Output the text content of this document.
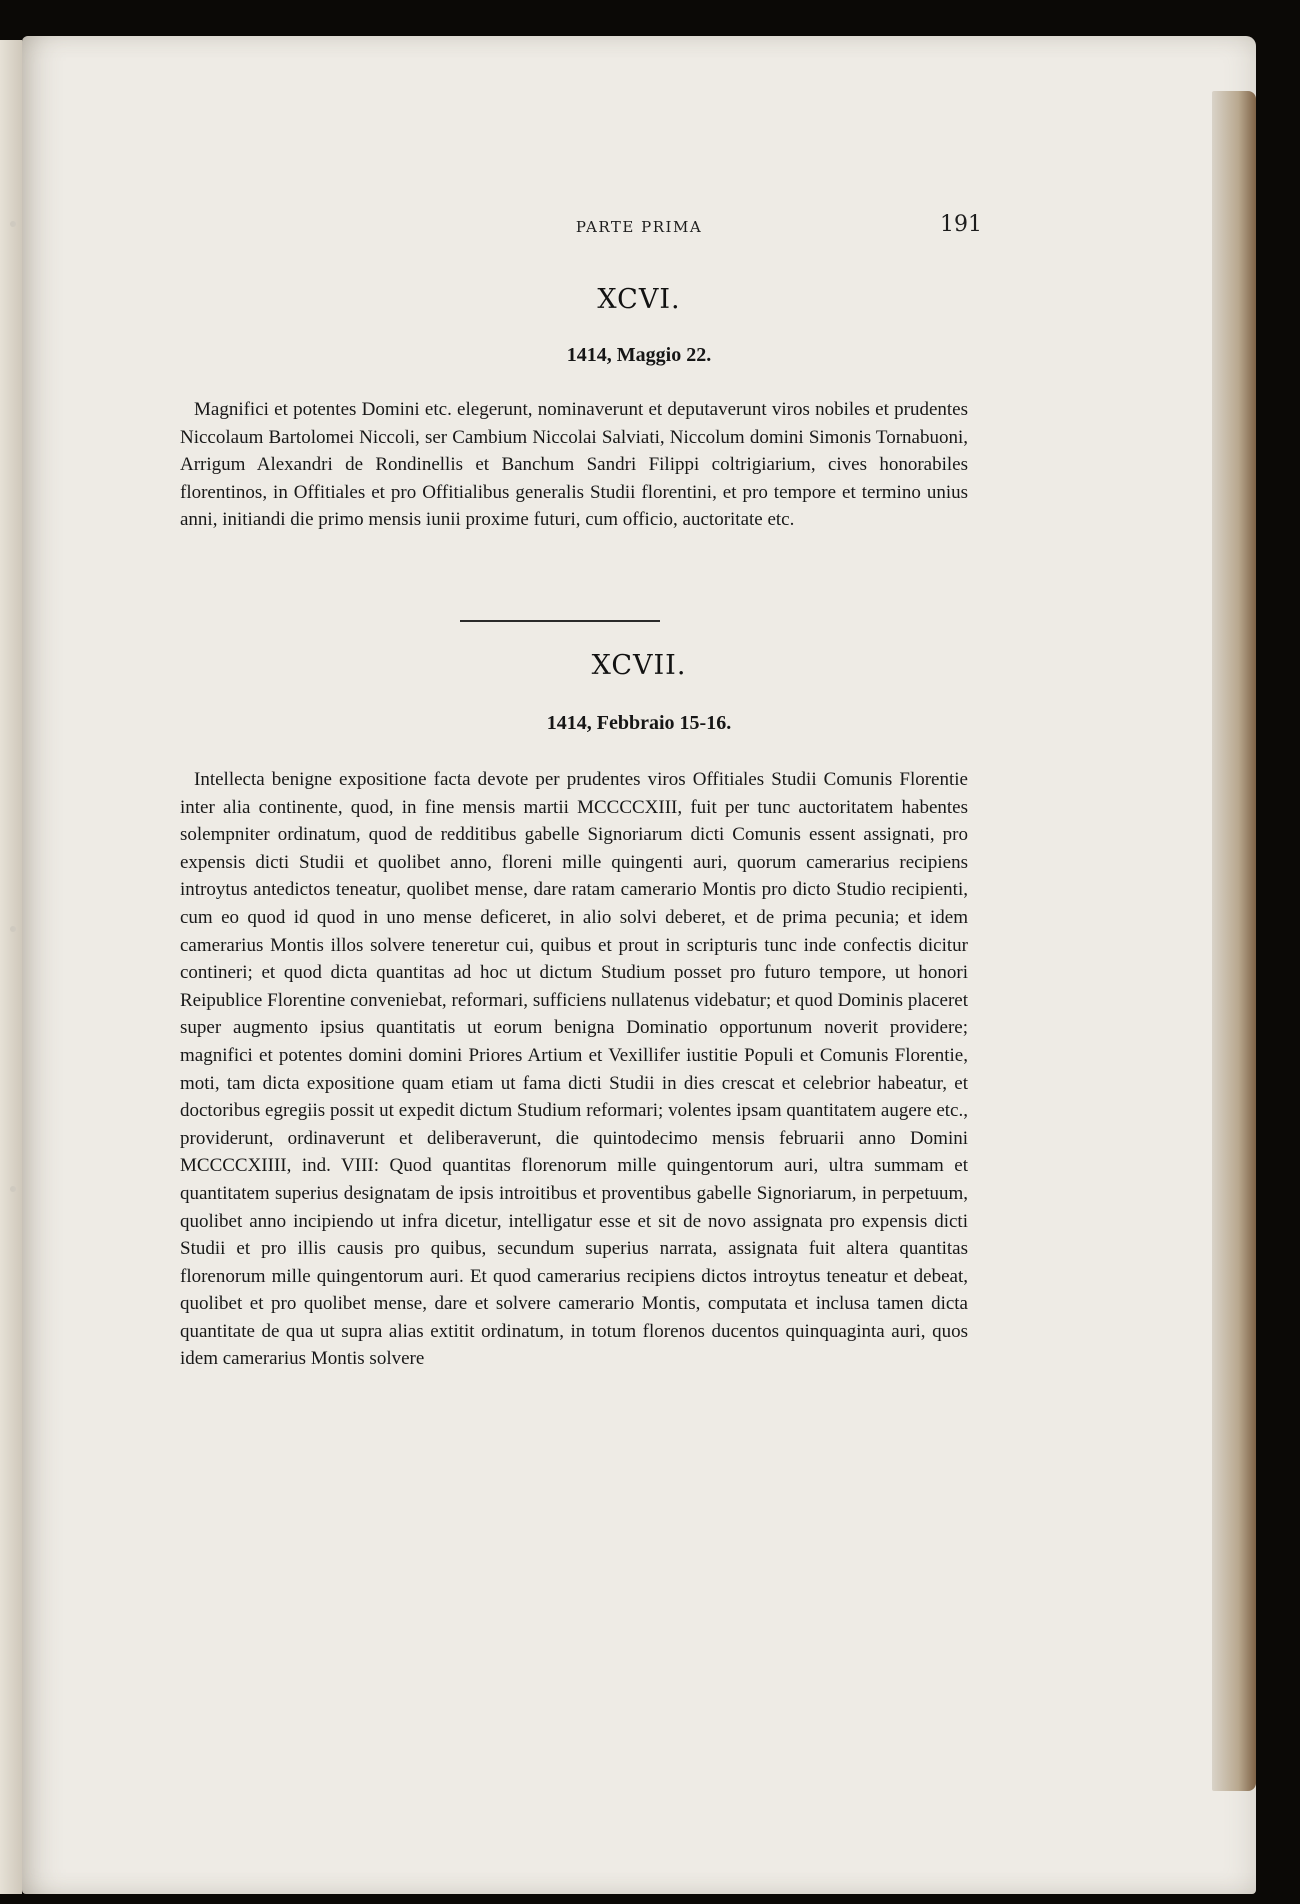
PARTE PRIMA	191
XCVI.
1414, Maggio 22.

Magnifici et potentes Domini etc. elegerunt, nominaverunt et deputaverunt viros nobiles et prudentes Niccolaum Bartolomei Niccoli, ser Cambium Niccolai Salviati, Niccolum domini Simonis Tornabuoni, Arrigum Alexandri de Rondinellis et Banchum Sandri Filippi coltrigiarium, cives honorabiles florentinos, in Offitiales et pro Offitialibus generalis Studii florentini, et pro tempore et termino unius anni, initiandi die primo mensis iunii proxime futuri, cum officio, auctoritate etc.

XCVII.
1414, Febbraio 15-16.

Intellecta benigne expositione facta devote per prudentes viros Offitiales Studii Comunis Florentie inter alia continente, quod, in fine mensis martii MCCCCXIII, fuit per tunc auctoritatem habentes solempniter ordinatum, quod de redditibus gabelle Signoriarum dicti Comunis essent assignati, pro expensis dicti Studii et quolibet anno, floreni mille quingenti auri, quorum camerarius recipiens introytus antedictos teneatur, quolibet mense, dare ratam camerario Montis pro dicto Studio recipienti, cum eo quod id quod in uno mense deficeret, in alio solvi deberet, et de prima pecunia; et idem camerarius Montis illos solvere teneretur cui, quibus et prout in scripturis tunc inde confectis dicitur contineri; et quod dicta quantitas ad hoc ut dictum Studium posset pro futuro tempore, ut honori Reipublice Florentine conveniebat, reformari, sufficiens nullatenus videbatur; et quod Dominis placeret super augmento ipsius quantitatis ut eorum benigna Dominatio opportunum noverit providere; magnifici et potentes domini domini Priores Artium et Vexillifer iustitie Populi et Comunis Florentie, moti, tam dicta expositione quam etiam ut fama dicti Studii in dies crescat et celebrior habeatur, et doctoribus egregiis possit ut expedit dictum Studium reformari; volentes ipsam quantitatem augere etc., providerunt, ordinaverunt et deliberaverunt, die quintodecimo mensis februarii anno Domini MCCCCXIIII, ind. VIII: Quod quantitas florenorum mille quingentorum auri, ultra summam et quantitatem superius designatam de ipsis introitibus et proventibus gabelle Signoriarum, in perpetuum, quolibet anno incipiendo ut infra dicetur, intelligatur esse et sit de novo assignata pro expensis dicti Studii et pro illis causis pro quibus, secundum superius narrata, assignata fuit altera quantitas florenorum mille quingentorum auri. Et quod camerarius recipiens dictos introytus teneatur et debeat, quolibet et pro quolibet mense, dare et solvere camerario Montis, computata et inclusa tamen dicta quantitate de qua ut supra alias extitit ordinatum, in totum florenos ducentos quinquaginta auri, quos idem camerarius Montis solvere
